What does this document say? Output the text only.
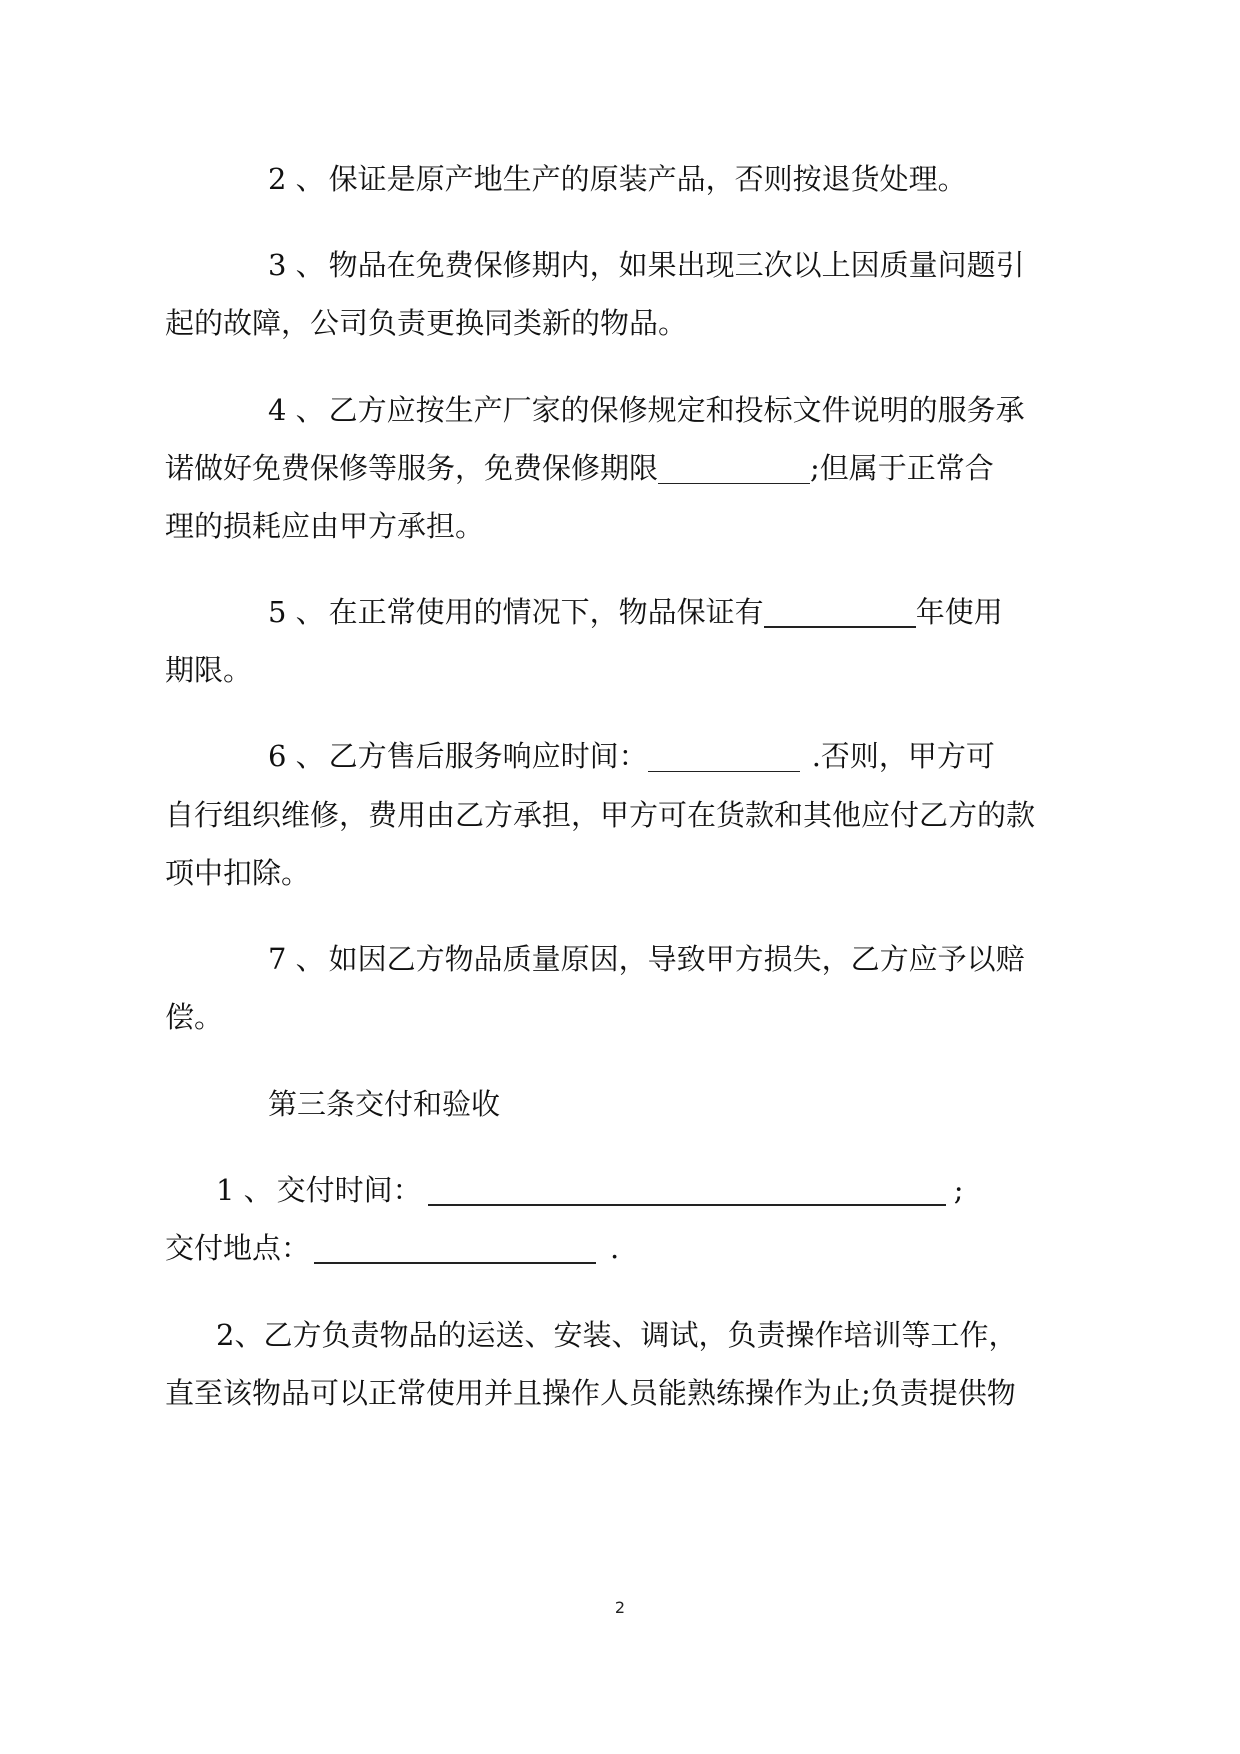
2 、 保证是原产地生产的原装产品，否则按退货处理。
3 、 物品在免费保修期内，如果出现三次以上因质量问题引
起的故障，公司负责更换同类新的物品。
4 、 乙方应按生产厂家的保修规定和投标文件说明的服务承
诺做好免费保修等服务，免费保修期限	;但属于正常合
理的损耗应由甲方承担。
5 、 在正常使用的情况下，物品保证有	年使用
期限。
6 、 乙方售后服务响应时间：	.否则，甲方可
自行组织维修，费用由乙方承担，甲方可在货款和其他应付乙方的款
项中扣除。
7 、 如因乙方物品质量原因，导致甲方损失，乙方应予以赔
偿。
第三条交付和验收
1 、 交付时间：	;
交付地点：	.
2、乙方负责物品的运送、安装、调试，负责操作培训等工作，
直至该物品可以正常使用并且操作人员能熟练操作为止;负责提供物
2
